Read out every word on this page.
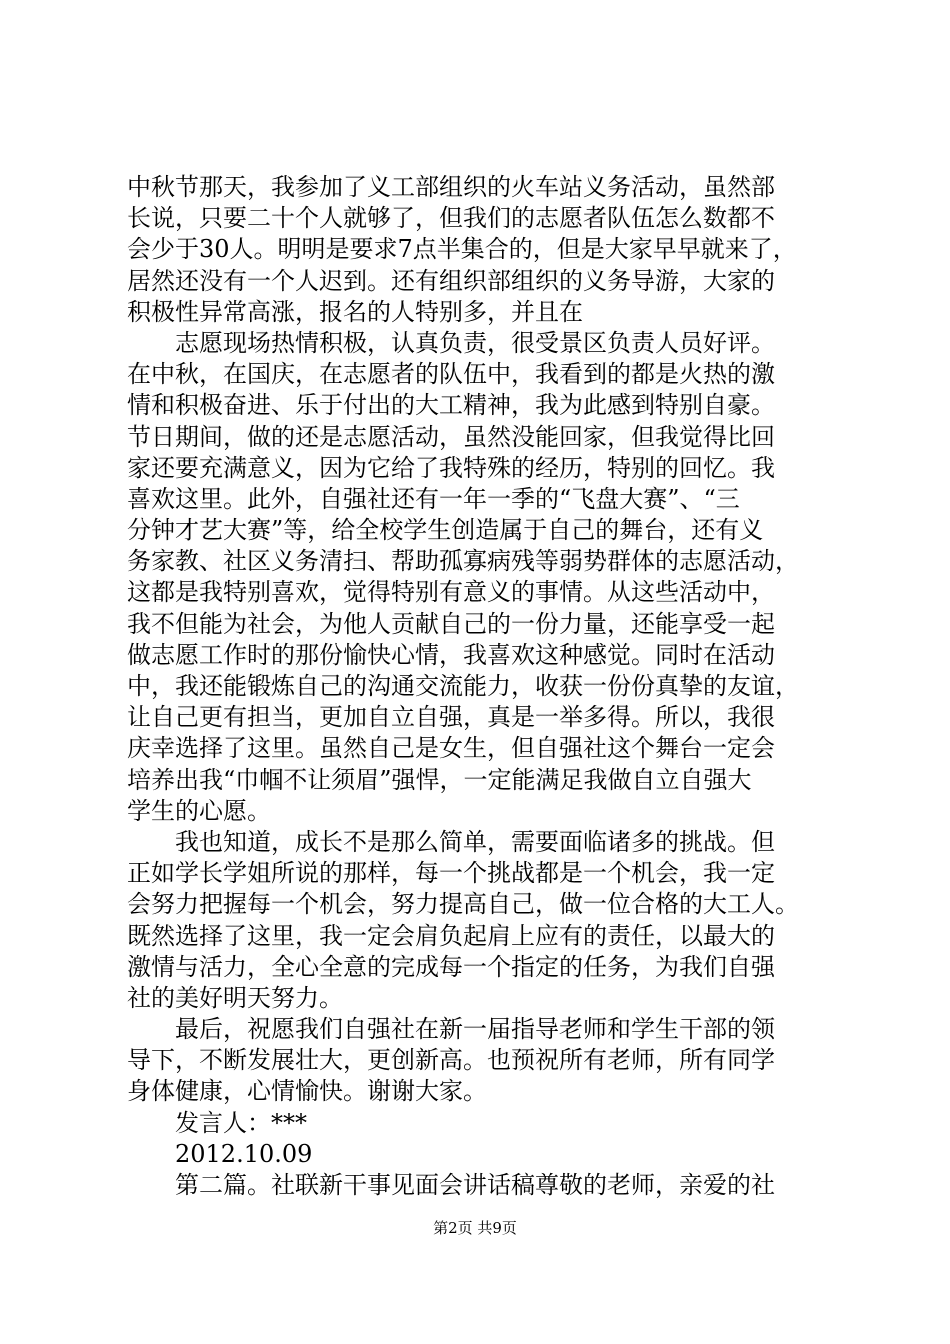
中秋节那天，我参加了义工部组织的火车站义务活动，虽然部
长说，只要二十个人就够了，但我们的志愿者队伍怎么数都不
会少于30人。明明是要求7点半集合的，但是大家早早就来了，
居然还没有一个人迟到。还有组织部组织的义务导游，大家的
积极性异常高涨，报名的人特别多，并且在
　　志愿现场热情积极，认真负责，很受景区负责人员好评。
在中秋，在国庆，在志愿者的队伍中，我看到的都是火热的激
情和积极奋进、乐于付出的大工精神，我为此感到特别自豪。
节日期间，做的还是志愿活动，虽然没能回家，但我觉得比回
家还要充满意义，因为它给了我特殊的经历，特别的回忆。我
喜欢这里。此外，自强社还有一年一季的“飞盘大赛”、“三
分钟才艺大赛”等，给全校学生创造属于自己的舞台，还有义
务家教、社区义务清扫、帮助孤寡病残等弱势群体的志愿活动，
这都是我特别喜欢，觉得特别有意义的事情。从这些活动中，
我不但能为社会，为他人贡献自己的一份力量，还能享受一起
做志愿工作时的那份愉快心情，我喜欢这种感觉。同时在活动
中，我还能锻炼自己的沟通交流能力，收获一份份真挚的友谊，
让自己更有担当，更加自立自强，真是一举多得。所以，我很
庆幸选择了这里。虽然自己是女生，但自强社这个舞台一定会
培养出我“巾帼不让须眉”强悍，一定能满足我做自立自强大
学生的心愿。
　　我也知道，成长不是那么简单，需要面临诸多的挑战。但
正如学长学姐所说的那样，每一个挑战都是一个机会，我一定
会努力把握每一个机会，努力提高自己，做一位合格的大工人。
既然选择了这里，我一定会肩负起肩上应有的责任，以最大的
激情与活力，全心全意的完成每一个指定的任务，为我们自强
社的美好明天努力。
　　最后，祝愿我们自强社在新一届指导老师和学生干部的领
导下，不断发展壮大，更创新高。也预祝所有老师，所有同学
身体健康，心情愉快。谢谢大家。
　　发言人：***
　　2012.10.09
　　第二篇。社联新干事见面会讲话稿尊敬的老师，亲爱的社
第2页 共9页
